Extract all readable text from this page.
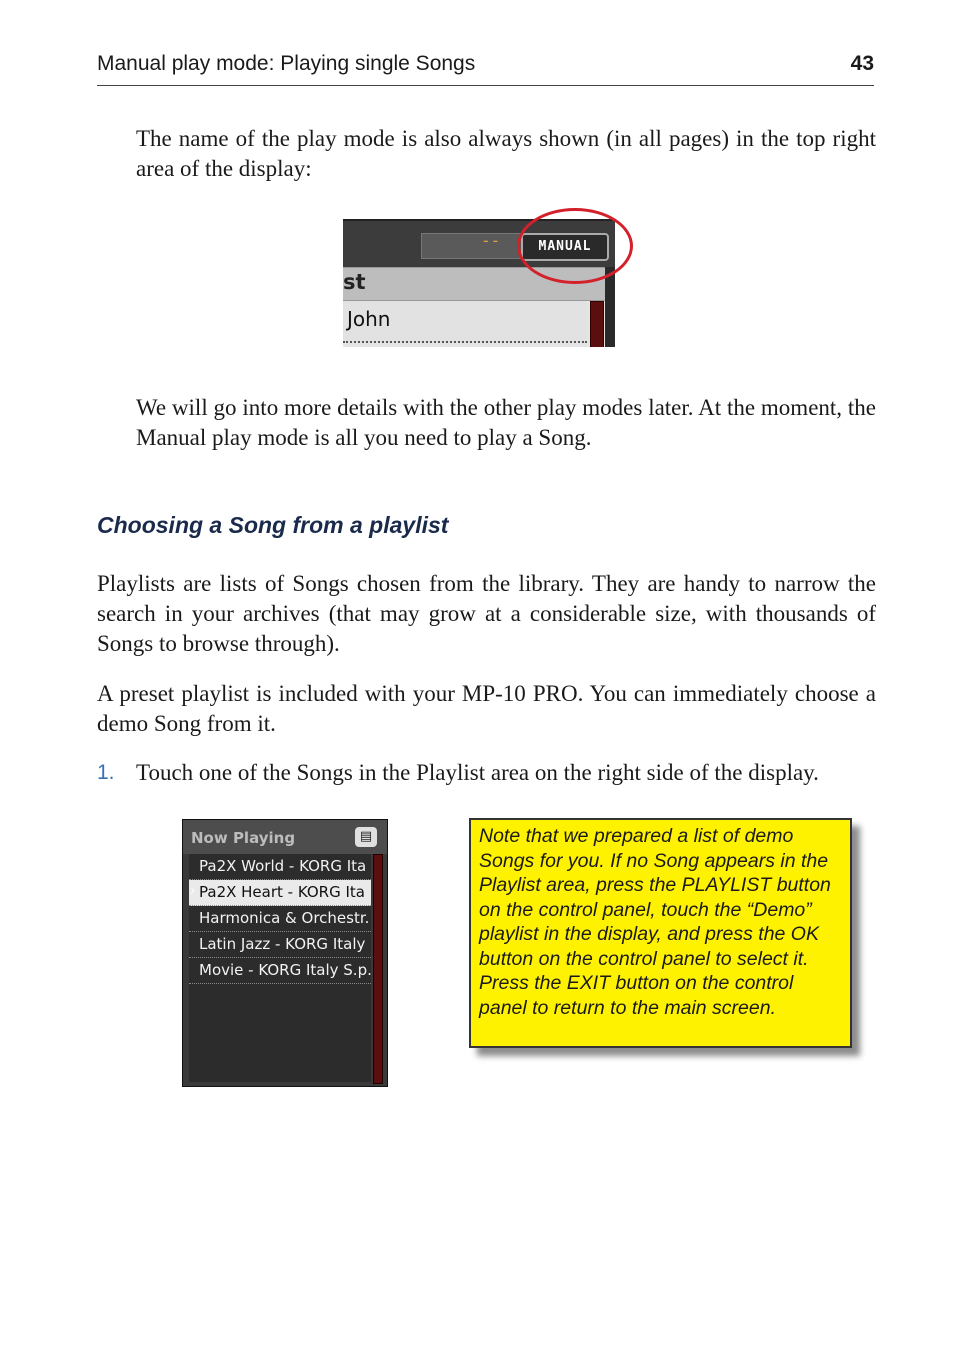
Manual play mode: Playing single Songs	43

The name of the play mode is also always shown (in all pages) in the top right area of the display:

--	MANUAL
st
John

We will go into more details with the other play modes later. At the moment, the Manual play mode is all you need to play a Song.

Choosing a Song from a playlist

Playlists are lists of Songs chosen from the library. They are handy to narrow the search in your archives (that may grow at a considerable size, with thousands of Songs to browse through).

A preset playlist is included with your MP-10 PRO. You can immediately choose a demo Song from it.

1. Touch one of the Songs in the Playlist area on the right side of the display.
Now Playing	▤
Pa2X World - KORG Ita
› Pa2X Heart - KORG Ita
Harmonica & Orchestr.
Latin Jazz - KORG Italy
Movie - KORG Italy S.p.
Note that we prepared a list of demo Songs for you. If no Song appears in the Playlist area, press the PLAYLIST button on the control panel, touch the “Demo” playlist in the display, and press the OK button on the control panel to select it. Press the EXIT button on the control panel to return to the main screen.
